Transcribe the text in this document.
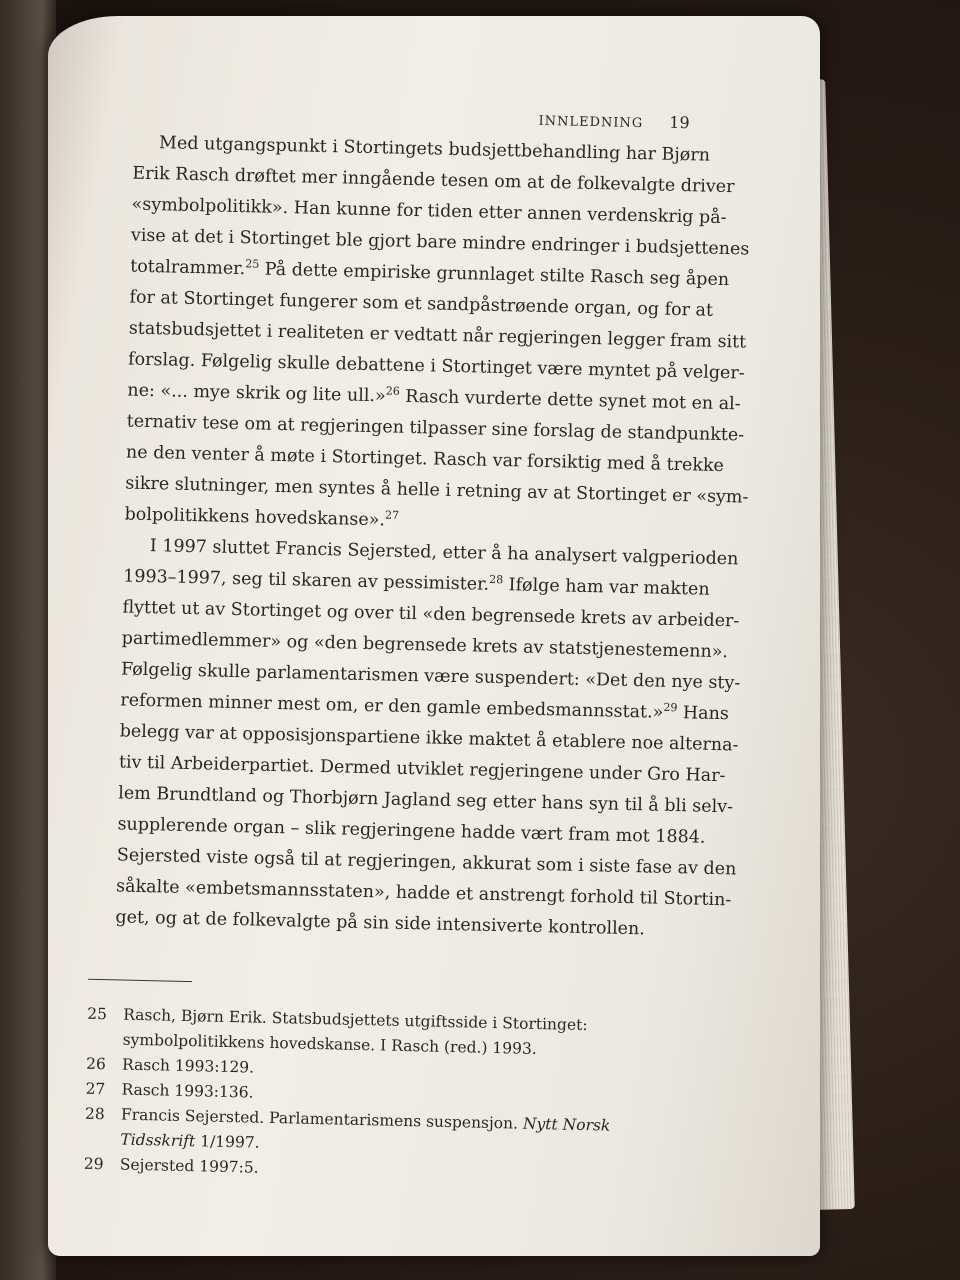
INNLEDNING 19
Med utgangspunkt i Stortingets budsjettbehandling har Bjørn
Erik Rasch drøftet mer inngående tesen om at de folkevalgte driver
«symbolpolitikk». Han kunne for tiden etter annen verdenskrig på-
vise at det i Stortinget ble gjort bare mindre endringer i budsjettenes
totalrammer.$^{25}$ På dette empiriske grunnlaget stilte Rasch seg åpen
for at Stortinget fungerer som et sandpåstrøende organ, og for at
statsbudsjettet i realiteten er vedtatt når regjeringen legger fram sitt
forslag. Følgelig skulle debattene i Stortinget være myntet på velger-
ne: «... mye skrik og lite ull.»$^{26}$ Rasch vurderte dette synet mot en al-
ternativ tese om at regjeringen tilpasser sine forslag de standpunkte-
ne den venter å møte i Stortinget. Rasch var forsiktig med å trekke
sikre slutninger, men syntes å helle i retning av at Stortinget er «sym-
bolpolitikkens hovedskanse».$^{27}$
I 1997 sluttet Francis Sejersted, etter å ha analysert valgperioden
1993–1997, seg til skaren av pessimister.$^{28}$ Ifølge ham var makten
flyttet ut av Stortinget og over til «den begrensede krets av arbeider-
partimedlemmer» og «den begrensede krets av statstjenestemenn».
Følgelig skulle parlamentarismen være suspendert: «Det den nye sty-
reformen minner mest om, er den gamle embedsmannsstat.»$^{29}$ Hans
belegg var at opposisjonspartiene ikke maktet å etablere noe alterna-
tiv til Arbeiderpartiet. Dermed utviklet regjeringene under Gro Har-
lem Brundtland og Thorbjørn Jagland seg etter hans syn til å bli selv-
supplerende organ – slik regjeringene hadde vært fram mot 1884.
Sejersted viste også til at regjeringen, akkurat som i siste fase av den
såkalte «embetsmannsstaten», hadde et anstrengt forhold til Stortin-
get, og at de folkevalgte på sin side intensiverte kontrollen.
25 Rasch, Bjørn Erik. Statsbudsjettets utgiftsside i Stortinget: symbolpolitikkens hovedskanse. I Rasch (red.) 1993.
26 Rasch 1993:129.
27 Rasch 1993:136.
28 Francis Sejersted. Parlamentarismens suspensjon. Nytt Norsk Tidsskrift 1/1997.
29 Sejersted 1997:5.
